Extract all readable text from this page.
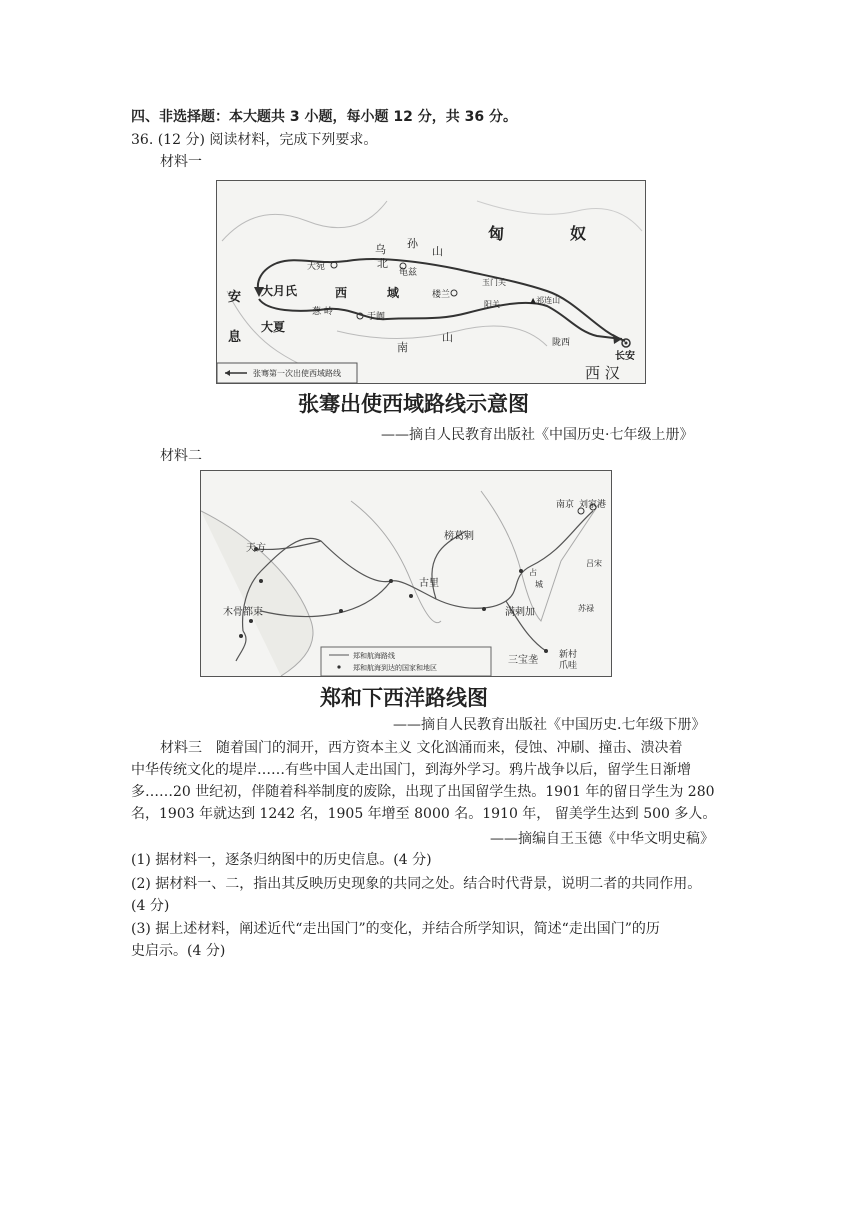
四、非选择题：本大题共 3 小题，每小题 12 分，共 36 分。
36. (12 分) 阅读材料，完成下列要求。
材料一
张骞第一次出使西域路线
匈	奴
乌 孙
山
北
龟兹
大宛
大月氏	西	域
安
息
大夏
葱 岭	于阗
楼兰
玉门关
阳关	▲祁连山
陇西
长安
山
南
西 汉
张骞出使西域路线示意图
——摘自人民教育出版社《中国历史·七年级上册》
材料二
郑和航海路线
郑和航海到达的国家和地区
南京 刘家港
榜葛剌
天方
古里
占
城
满剌加
木骨都束
三宝垄 新村
爪哇
吕宋
苏禄
郑和下西洋路线图
——摘自人民教育出版社《中国历史.七年级下册》
材料三　随着国门的洞开，西方资本主义 文化汹涌而来，侵蚀、冲刷、撞击、溃决着
中华传统文化的堤岸……有些中国人走出国门，到海外学习。鸦片战争以后，留学生日渐增
多……20 世纪初，伴随着科举制度的废除，出现了出国留学生热。1901 年的留日学生为 280
名，1903 年就达到 1242 名，1905 年增至 8000 名。1910 年， 留美学生达到 500 多人。
——摘编自王玉德《中华文明史稿》
(1) 据材料一，逐条归纳图中的历史信息。(4 分)
(2) 据材料一、二，指出其反映历史现象的共同之处。结合时代背景，说明二者的共同作用。
(4 分)
(3) 据上述材料，阐述近代“走出国门”的变化，并结合所学知识，简述“走出国门”的历
史启示。(4 分)
